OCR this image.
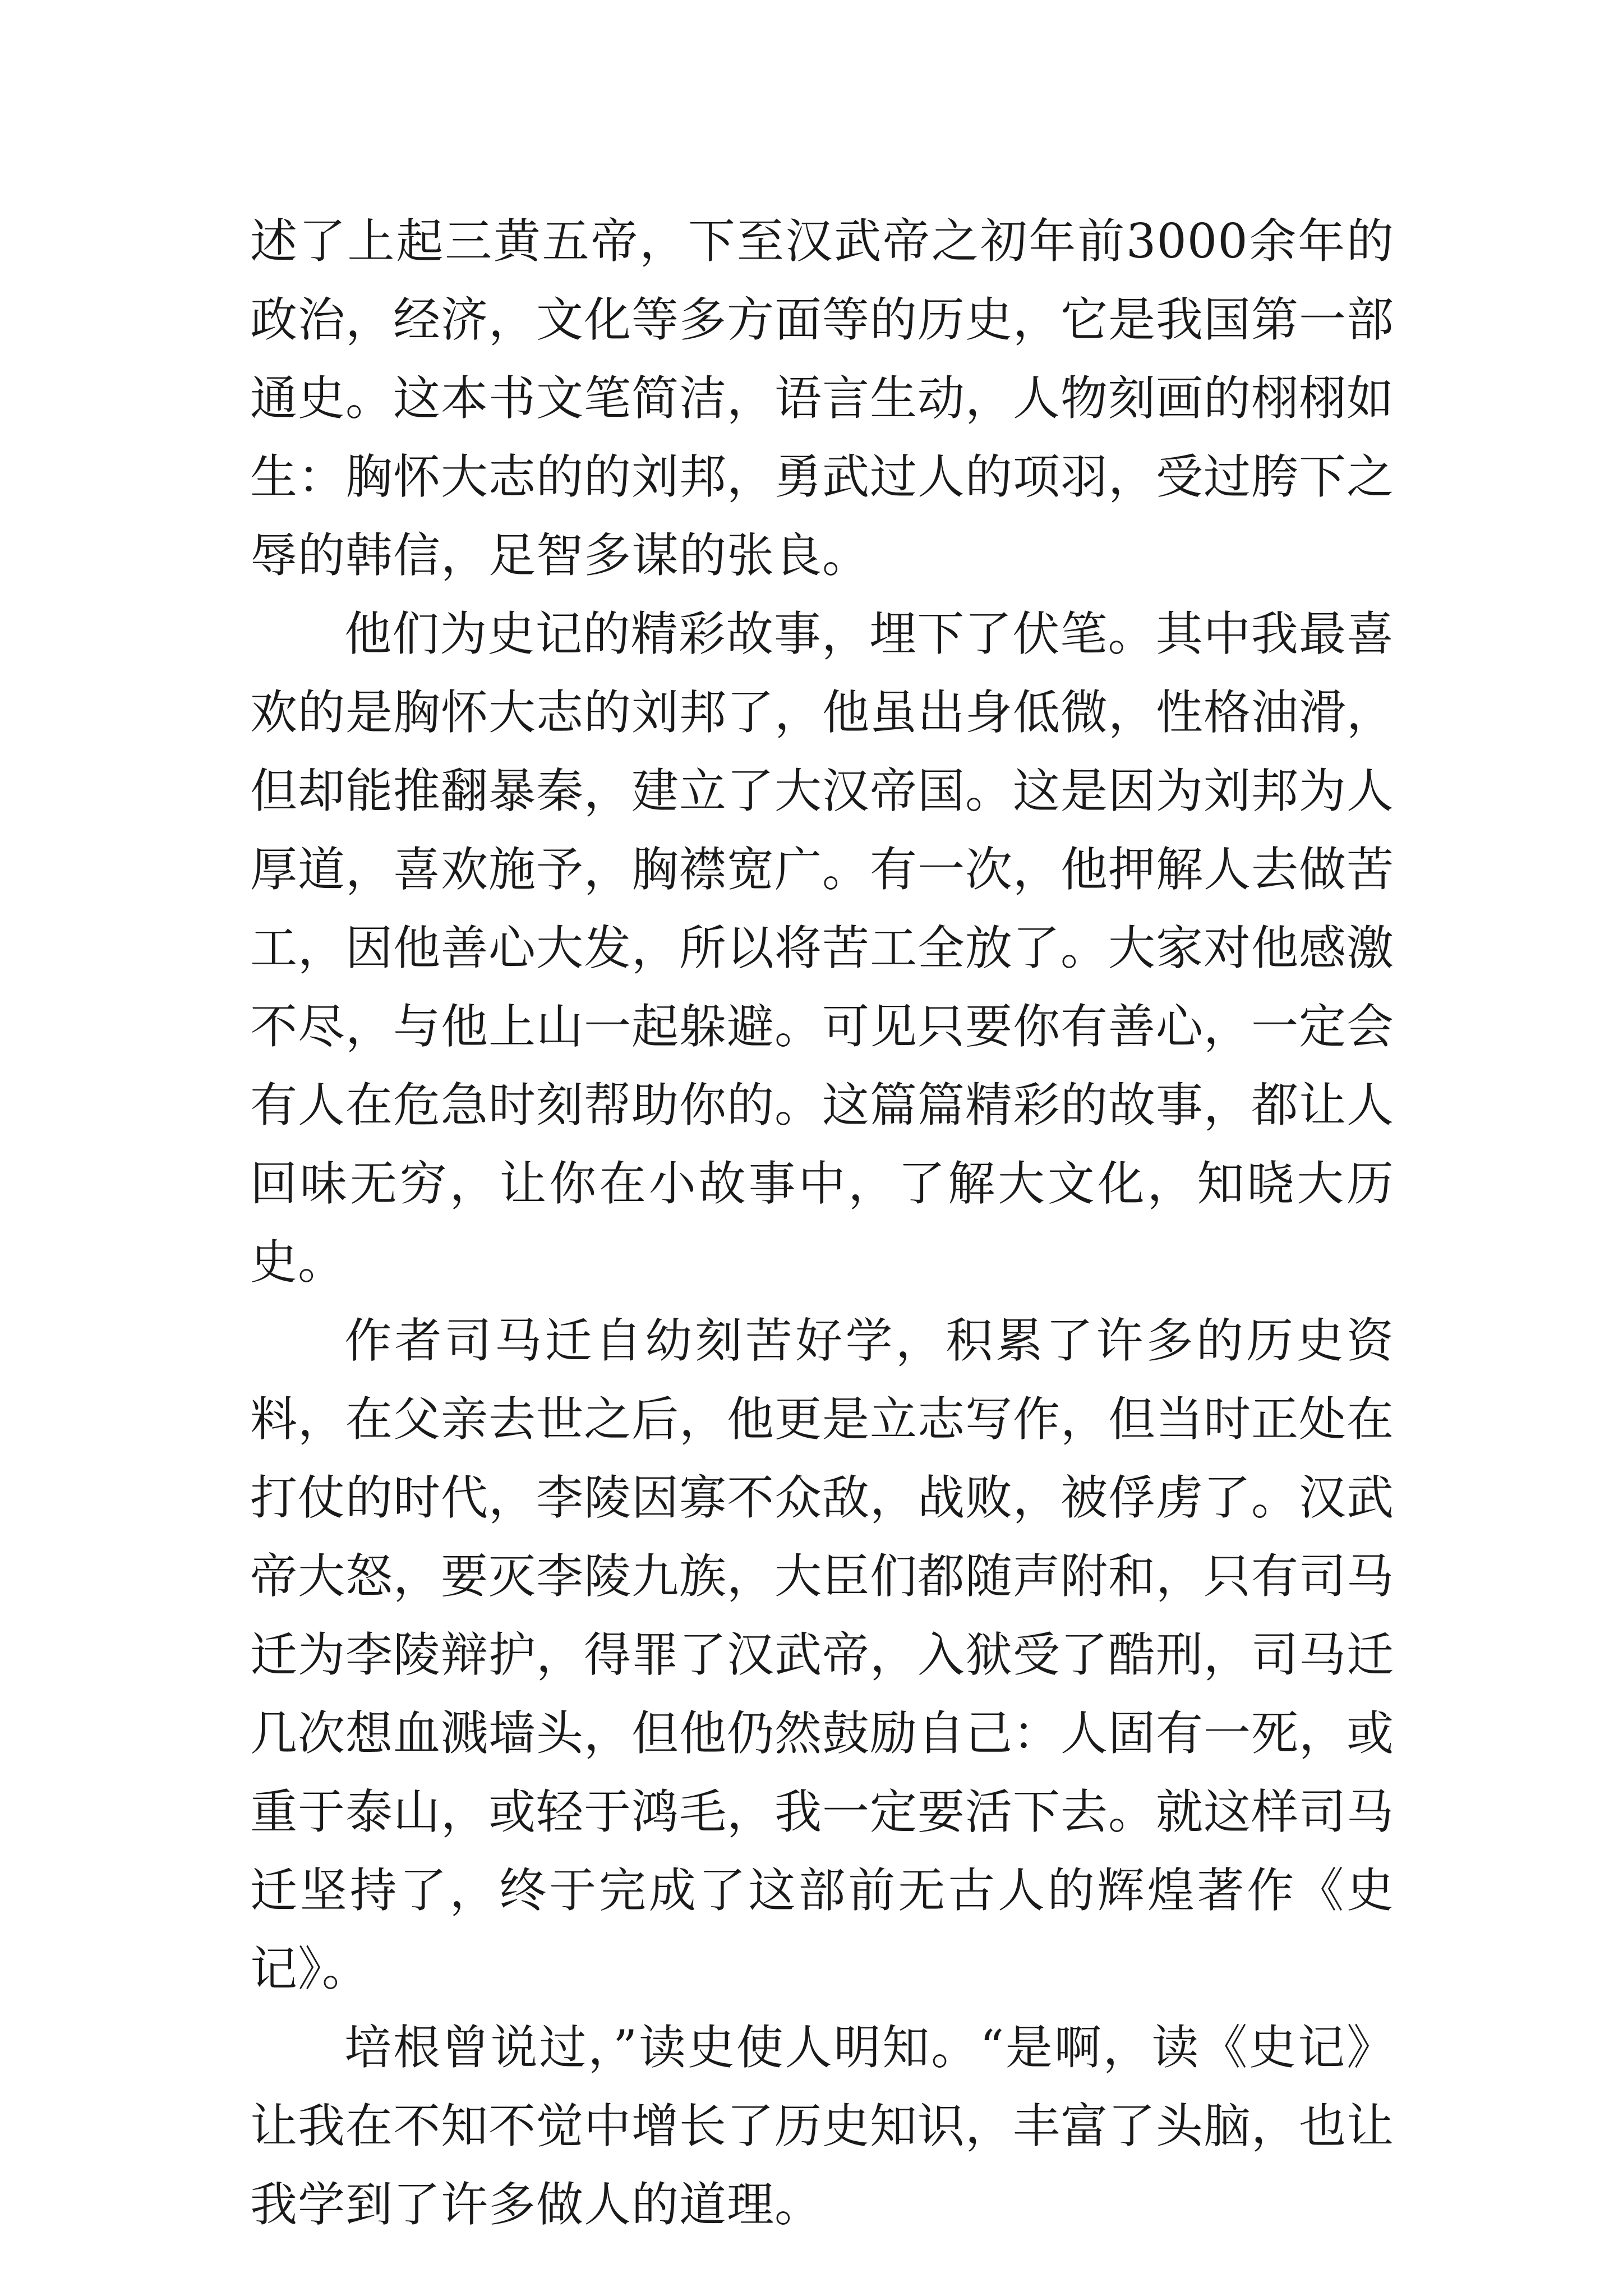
述了上起三黄五帝，下至汉武帝之初年前3000余年的政治，经济，文化等多方面等的历史，它是我国第一部通史。这本书文笔简洁，语言生动，人物刻画的栩栩如生：胸怀大志的的刘邦，勇武过人的项羽，受过胯下之辱的韩信，足智多谋的张良。

他们为史记的精彩故事，埋下了伏笔。其中我最喜欢的是胸怀大志的刘邦了，他虽出身低微，性格油滑，但却能推翻暴秦，建立了大汉帝国。这是因为刘邦为人厚道，喜欢施予，胸襟宽广。有一次，他押解人去做苦工，因他善心大发，所以将苦工全放了。大家对他感激不尽，与他上山一起躲避。可见只要你有善心，一定会有人在危急时刻帮助你的。这篇篇精彩的故事，都让人回味无穷，让你在小故事中，了解大文化，知晓大历史。

作者司马迁自幼刻苦好学，积累了许多的历史资料，在父亲去世之后，他更是立志写作，但当时正处在打仗的时代，李陵因寡不众敌，战败，被俘虏了。汉武帝大怒，要灭李陵九族，大臣们都随声附和，只有司马迁为李陵辩护，得罪了汉武帝，入狱受了酷刑，司马迁几次想血溅墙头，但他仍然鼓励自己：人固有一死，或重于泰山，或轻于鸿毛，我一定要活下去。就这样司马迁坚持了，终于完成了这部前无古人的辉煌著作《史记》。

培根曾说过，”读史使人明知。“是啊，读《史记》让我在不知不觉中增长了历史知识，丰富了头脑，也让我学到了许多做人的道理。
